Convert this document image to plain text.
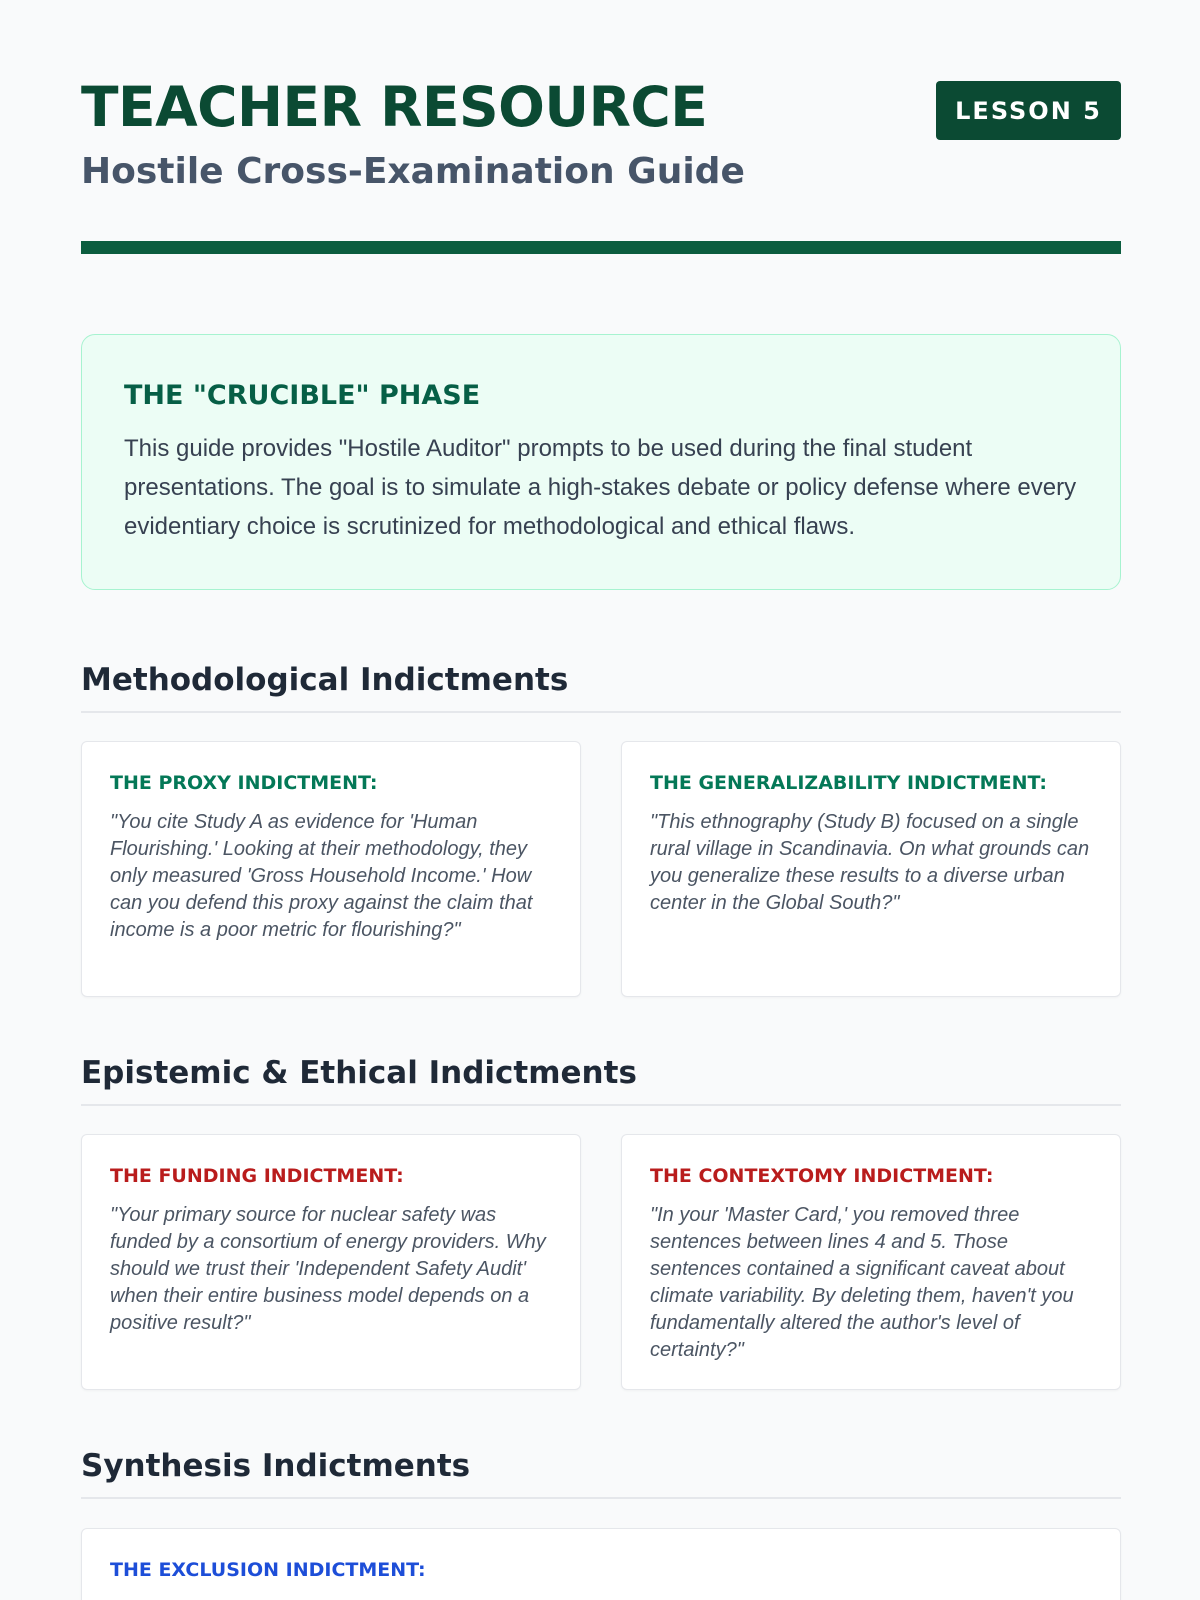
TEACHER RESOURCE
Hostile Cross-Examination Guide
LESSON 5
THE "CRUCIBLE" PHASE

This guide provides "Hostile Auditor" prompts to be used during the final student presentations. The goal is to simulate a high-stakes debate or policy defense where every evidentiary choice is scrutinized for methodological and ethical flaws.

Methodological Indictments
THE PROXY INDICTMENT:

"You cite Study A as evidence for 'Human Flourishing.' Looking at their methodology, they only measured 'Gross Household Income.' How can you defend this proxy against the claim that income is a poor metric for flourishing?"

THE GENERALIZABILITY INDICTMENT:

"This ethnography (Study B) focused on a single rural village in Scandinavia. On what grounds can you generalize these results to a diverse urban center in the Global South?"

Epistemic & Ethical Indictments
THE FUNDING INDICTMENT:

"Your primary source for nuclear safety was funded by a consortium of energy providers. Why should we trust their 'Independent Safety Audit' when their entire business model depends on a positive result?"

THE CONTEXTOMY INDICTMENT:

"In your 'Master Card,' you removed three sentences between lines 4 and 5. Those sentences contained a significant caveat about climate variability. By deleting them, haven't you fundamentally altered the author's level of certainty?"

Synthesis Indictments
THE EXCLUSION INDICTMENT:
